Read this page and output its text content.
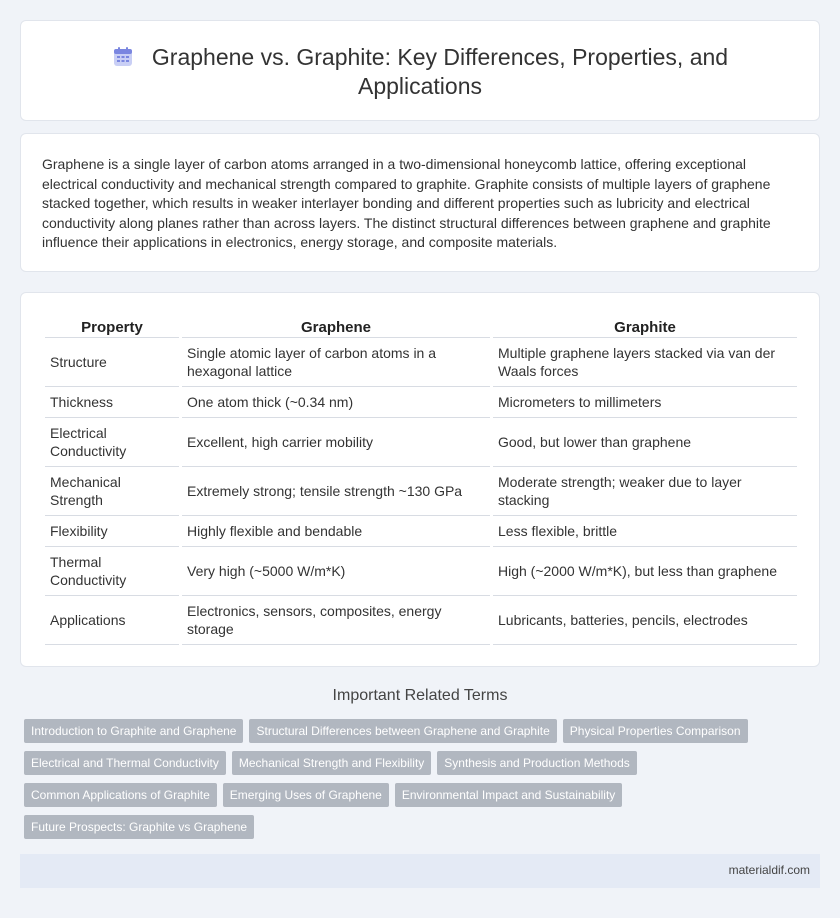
Graphene vs. Graphite: Key Differences, Properties, and Applications

Graphene is a single layer of carbon atoms arranged in a two-dimensional honeycomb lattice, offering exceptional electrical conductivity and mechanical strength compared to graphite. Graphite consists of multiple layers of graphene stacked together, which results in weaker interlayer bonding and different properties such as lubricity and electrical conductivity along planes rather than across layers. The distinct structural differences between graphene and graphite influence their applications in electronics, energy storage, and composite materials.

Property	Graphene	Graphite
Structure	Single atomic layer of carbon atoms in a hexagonal lattice	Multiple graphene layers stacked via van der Waals forces
Thickness	One atom thick (~0.34 nm)	Micrometers to millimeters
Electrical Conductivity	Excellent, high carrier mobility	Good, but lower than graphene
Mechanical Strength	Extremely strong; tensile strength ~130 GPa	Moderate strength; weaker due to layer stacking
Flexibility	Highly flexible and bendable	Less flexible, brittle
Thermal Conductivity	Very high (~5000 W/m*K)	High (~2000 W/m*K), but less than graphene
Applications	Electronics, sensors, composites, energy storage	Lubricants, batteries, pencils, electrodes
Important Related Terms
Introduction to Graphite and Graphene Structural Differences between Graphene and Graphite Physical Properties Comparison
Electrical and Thermal Conductivity Mechanical Strength and Flexibility Synthesis and Production Methods
Common Applications of Graphite Emerging Uses of Graphene Environmental Impact and Sustainability
Future Prospects: Graphite vs Graphene
materialdif.com
